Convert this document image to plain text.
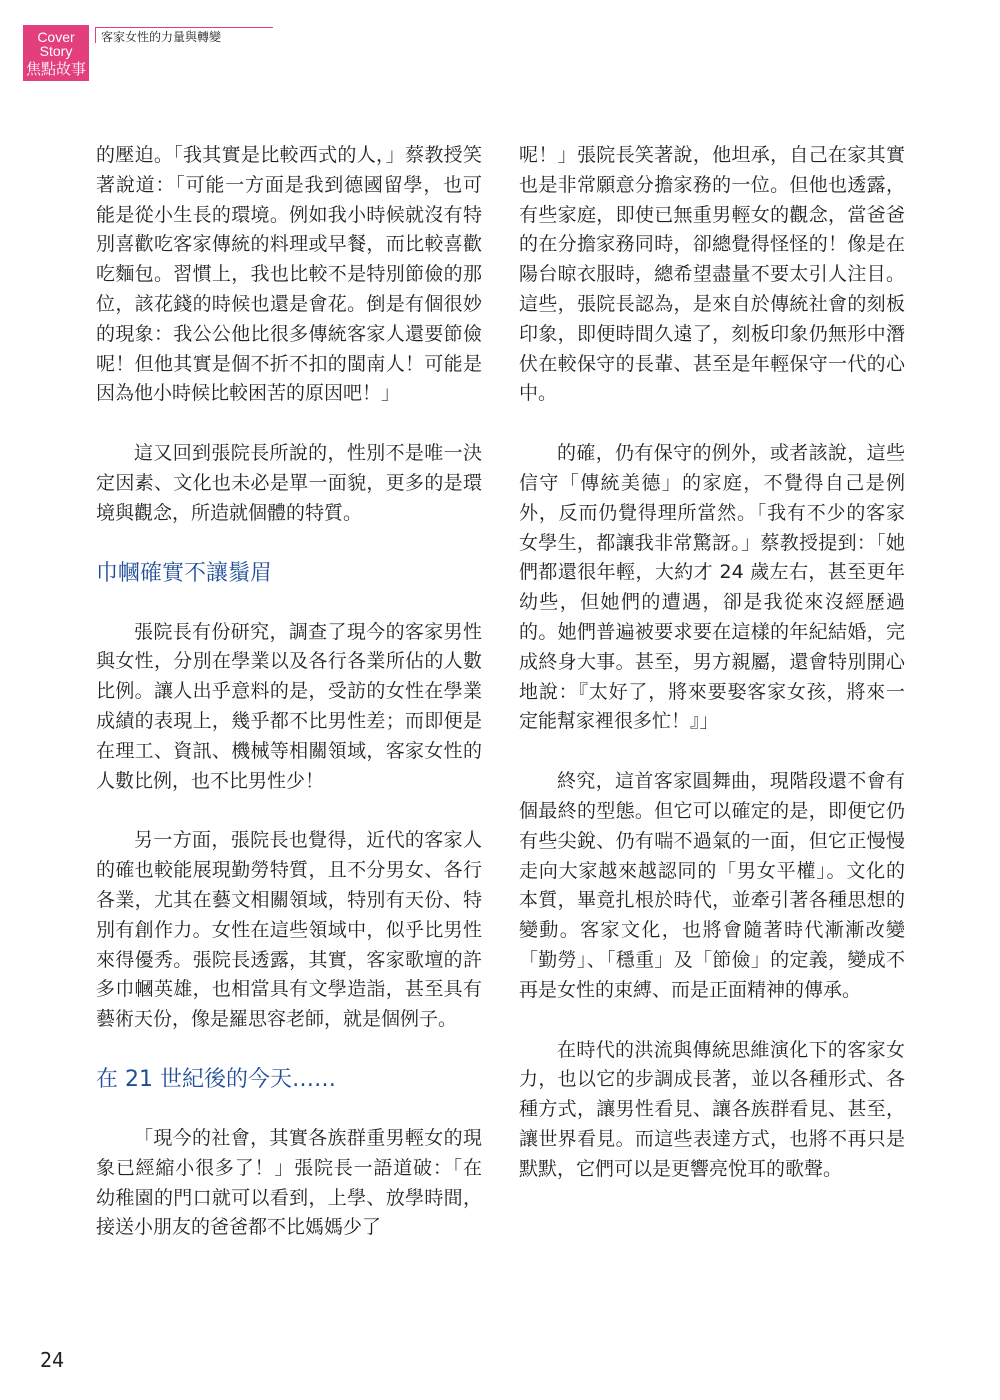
Cover
Story
焦點故事
客家女性的力量與轉變

的壓迫。「我其實是比較西式的人，」蔡教授笑著說道：「可能一方面是我到德國留學，也可能是從小生長的環境。例如我小時候就沒有特別喜歡吃客家傳統的料理或早餐，而比較喜歡吃麵包。習慣上，我也比較不是特別節儉的那位，該花錢的時候也還是會花。倒是有個很妙的現象：我公公他比很多傳統客家人還要節儉呢！但他其實是個不折不扣的閩南人！可能是因為他小時候比較困苦的原因吧！」

這又回到張院長所說的，性別不是唯一決定因素、文化也未必是單一面貌，更多的是環境與觀念，所造就個體的特質。

巾幗確實不讓鬚眉

張院長有份研究，調查了現今的客家男性與女性，分別在學業以及各行各業所佔的人數比例。讓人出乎意料的是，受訪的女性在學業成績的表現上，幾乎都不比男性差；而即便是在理工、資訊、機械等相關領域，客家女性的人數比例，也不比男性少！

另一方面，張院長也覺得，近代的客家人的確也較能展現勤勞特質，且不分男女、各行各業，尤其在藝文相關領域，特別有天份、特別有創作力。女性在這些領域中，似乎比男性來得優秀。張院長透露，其實，客家歌壇的許多巾幗英雄，也相當具有文學造詣，甚至具有藝術天份，像是羅思容老師，就是個例子。

在 21 世紀後的今天……

「現今的社會，其實各族群重男輕女的現象已經縮小很多了！」張院長一語道破：「在幼稚園的門口就可以看到，上學、放學時間，接送小朋友的爸爸都不比媽媽少了

呢！」張院長笑著說，他坦承，自己在家其實也是非常願意分擔家務的一位。但他也透露，有些家庭，即使已無重男輕女的觀念，當爸爸的在分擔家務同時，卻總覺得怪怪的！像是在陽台晾衣服時，總希望盡量不要太引人注目。這些，張院長認為，是來自於傳統社會的刻板印象，即便時間久遠了，刻板印象仍無形中潛伏在較保守的長輩、甚至是年輕保守一代的心中。

的確，仍有保守的例外，或者該說，這些信守「傳統美德」的家庭，不覺得自己是例外，反而仍覺得理所當然。「我有不少的客家女學生，都讓我非常驚訝。」蔡教授提到：「她們都還很年輕，大約才 24 歲左右，甚至更年幼些，但她們的遭遇，卻是我從來沒經歷過的。她們普遍被要求要在這樣的年紀結婚，完成終身大事。甚至，男方親屬，還會特別開心地說：『太好了，將來要娶客家女孩，將來一定能幫家裡很多忙！』」

終究，這首客家圓舞曲，現階段還不會有個最終的型態。但它可以確定的是，即便它仍有些尖銳、仍有喘不過氣的一面，但它正慢慢走向大家越來越認同的「男女平權」。文化的本質，畢竟扎根於時代，並牽引著各種思想的變動。客家文化，也將會隨著時代漸漸改變「勤勞」、「穩重」及「節儉」的定義，變成不再是女性的束縛、而是正面精神的傳承。

在時代的洪流與傳統思維演化下的客家女力，也以它的步調成長著，並以各種形式、各種方式，讓男性看見、讓各族群看見、甚至，讓世界看見。而這些表達方式，也將不再只是默默，它們可以是更響亮悅耳的歌聲。

24
